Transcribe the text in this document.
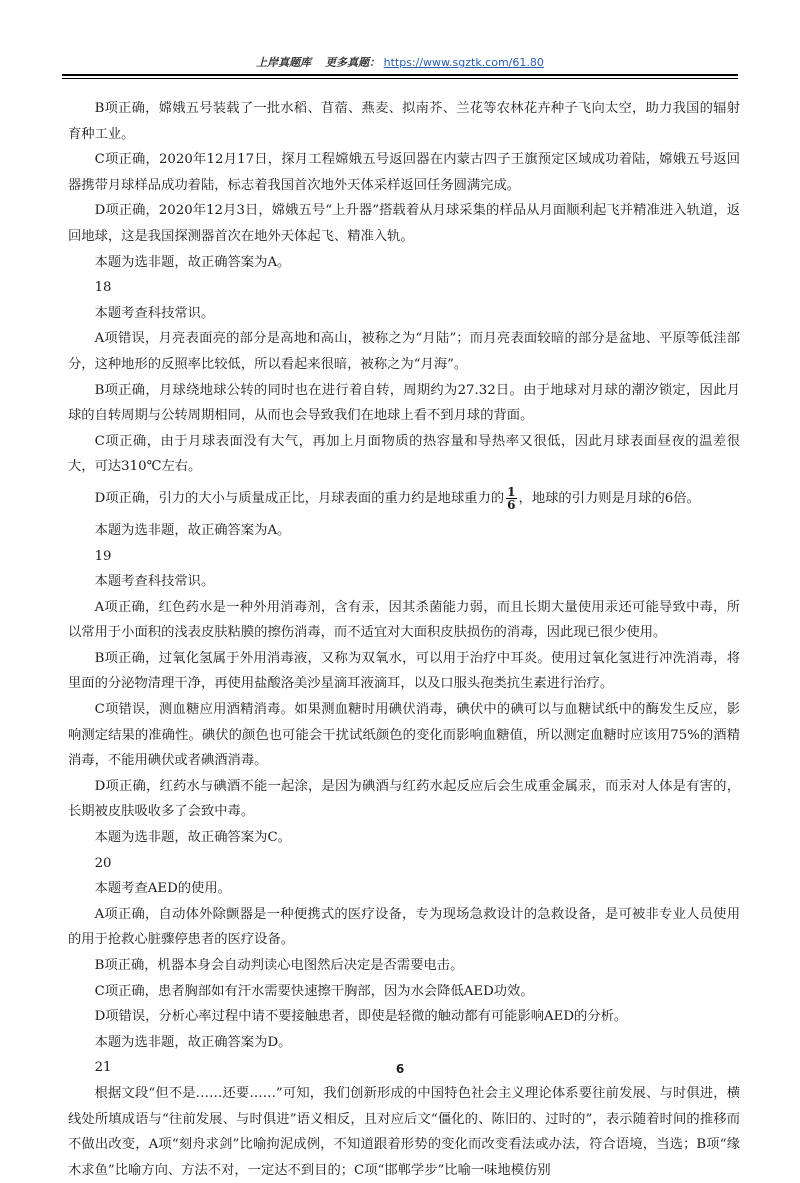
上岸真题库 更多真题： https://www.sgztk.com/61.80

B项正确，嫦娥五号装载了一批水稻、苜蓿、燕麦、拟南芥、兰花等农林花卉种子飞向太空，助力我国的辐射育种工业。

C项正确，2020年12月17日，探月工程嫦娥五号返回器在内蒙古四子王旗预定区域成功着陆，嫦娥五号返回器携带月球样品成功着陆，标志着我国首次地外天体采样返回任务圆满完成。

D项正确，2020年12月3日，嫦娥五号“上升器”搭载着从月球采集的样品从月面顺利起飞并精准进入轨道，返回地球，这是我国探测器首次在地外天体起飞、精准入轨。

本题为选非题，故正确答案为A。

18

本题考查科技常识。

A项错误，月亮表面亮的部分是高地和高山，被称之为“月陆”；而月亮表面较暗的部分是盆地、平原等低洼部分，这种地形的反照率比较低，所以看起来很暗，被称之为“月海”。

B项正确，月球绕地球公转的同时也在进行着自转，周期约为27.32日。由于地球对月球的潮汐锁定，因此月球的自转周期与公转周期相同，从而也会导致我们在地球上看不到月球的背面。

C项正确，由于月球表面没有大气，再加上月面物质的热容量和导热率又很低，因此月球表面昼夜的温差很大，可达310℃左右。

D项正确，引力的大小与质量成正比，月球表面的重力约是地球重力的 $\frac{1}{6}$ ，地球的引力则是月球的6倍。

本题为选非题，故正确答案为A。

19

本题考查科技常识。

A项正确，红色药水是一种外用消毒剂，含有汞，因其杀菌能力弱，而且长期大量使用汞还可能导致中毒，所以常用于小面积的浅表皮肤粘膜的擦伤消毒，而不适宜对大面积皮肤损伤的消毒，因此现已很少使用。

B项正确，过氧化氢属于外用消毒液，又称为双氧水，可以用于治疗中耳炎。使用过氧化氢进行冲洗消毒，将里面的分泌物清理干净，再使用盐酸洛美沙星滴耳液滴耳，以及口服头孢类抗生素进行治疗。

C项错误，测血糖应用酒精消毒。如果测血糖时用碘伏消毒，碘伏中的碘可以与血糖试纸中的酶发生反应，影响测定结果的准确性。碘伏的颜色也可能会干扰试纸颜色的变化而影响血糖值，所以测定血糖时应该用75%的酒精消毒，不能用碘伏或者碘酒消毒。

D项正确，红药水与碘酒不能一起涂，是因为碘酒与红药水起反应后会生成重金属汞，而汞对人体是有害的，长期被皮肤吸收多了会致中毒。

本题为选非题，故正确答案为C。

20

本题考查AED的使用。

A项正确，自动体外除颤器是一种便携式的医疗设备，专为现场急救设计的急救设备，是可被非专业人员使用的用于抢救心脏骤停患者的医疗设备。

B项正确，机器本身会自动判读心电图然后决定是否需要电击。

C项正确，患者胸部如有汗水需要快速擦干胸部，因为水会降低AED功效。

D项错误，分析心率过程中请不要接触患者，即使是轻微的触动都有可能影响AED的分析。

本题为选非题，故正确答案为D。

21

根据文段“但不是……还要……”可知，我们创新形成的中国特色社会主义理论体系要往前发展、与时俱进，横线处所填成语与“往前发展、与时俱进”语义相反，且对应后文“僵化的、陈旧的、过时的”，表示随着时间的推移而不做出改变，A项“刻舟求剑”比喻拘泥成例，不知道跟着形势的变化而改变看法或办法，符合语境，当选；B项“缘木求鱼”比喻方向、方法不对，一定达不到目的；C项“邯郸学步”比喻一味地模仿别

6
